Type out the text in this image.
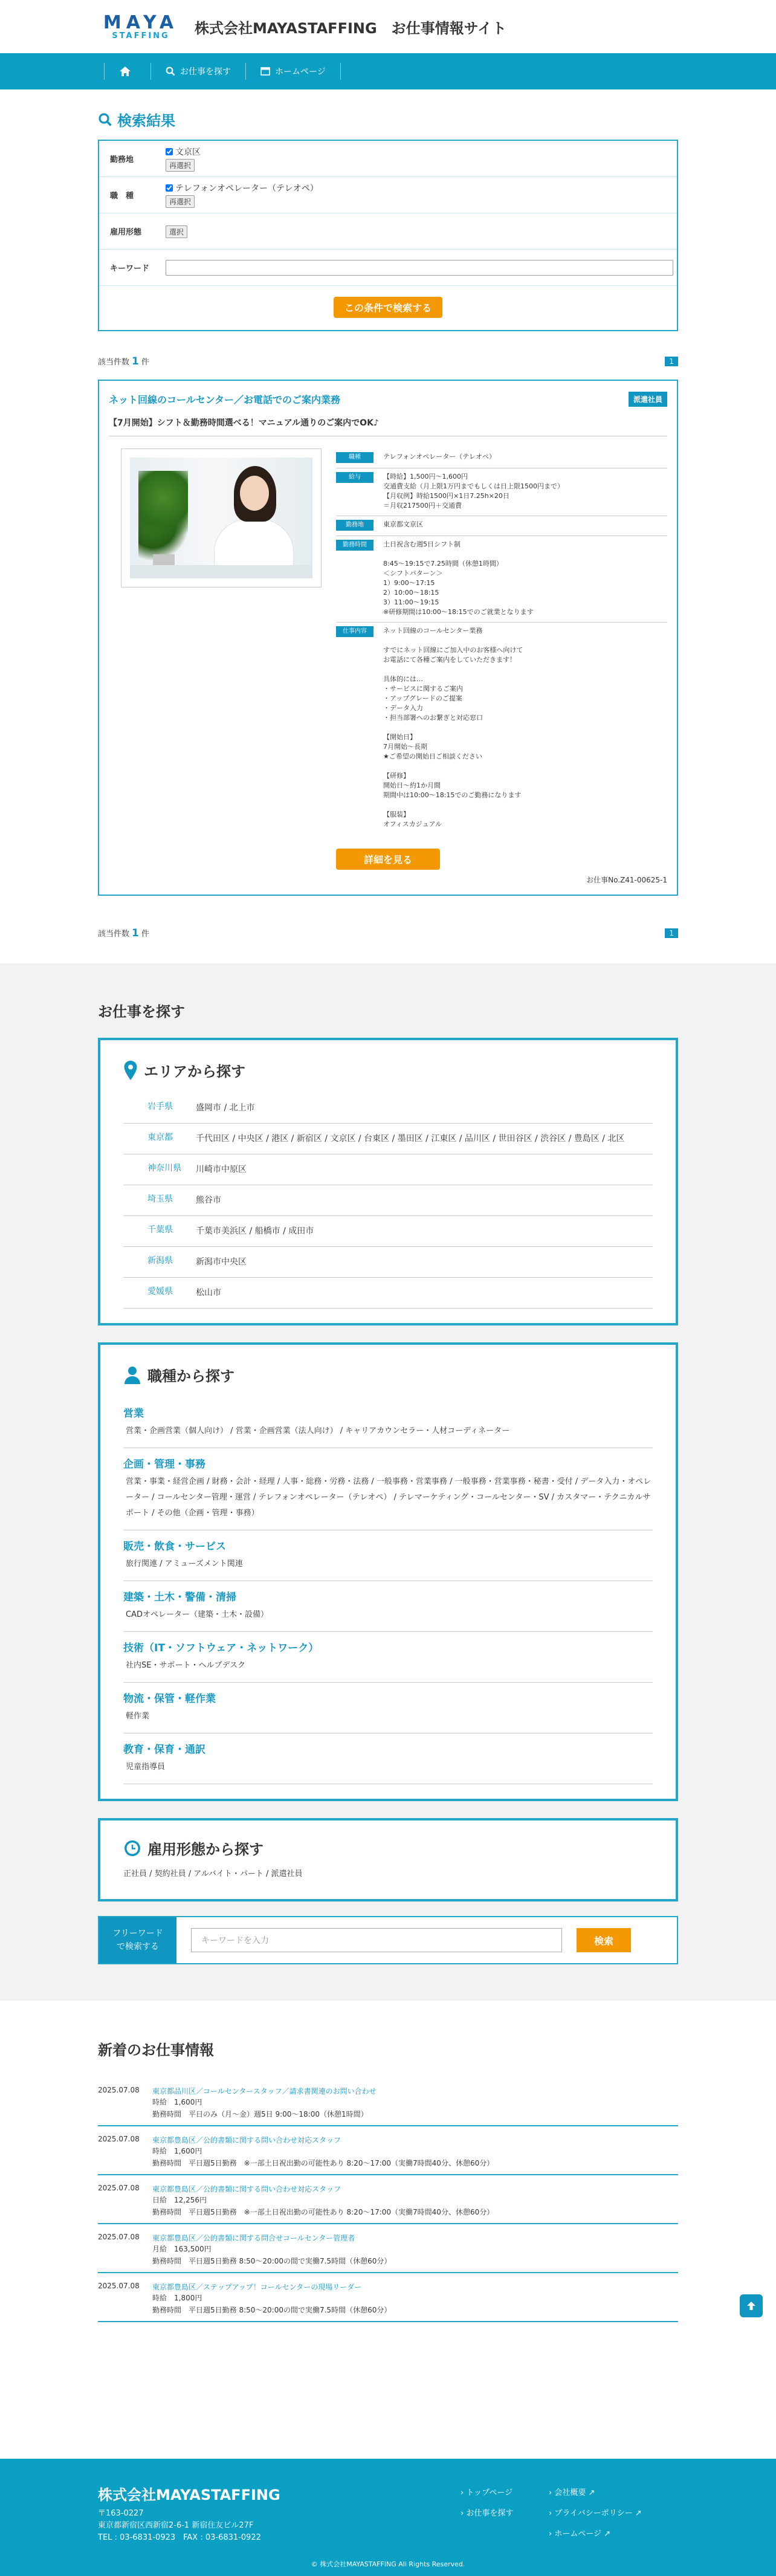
MAYA
STAFFING 株式会社MAYASTAFFING　お仕事情報サイト
お仕事を探す	ホームページ
検索結果
勤務地
文京区
再選択
職　種
テレフォンオペレーター（テレオペ）
再選択
雇用形態	選択
キーワード
この条件で検索する
該当件数 1 件	1
ネット回線のコールセンター／お電話でのご案内業務	派遣社員
【7月開始】シフト＆勤務時間選べる！マニュアル通りのご案内でOK♪
職種	テレフォンオペレーター（テレオペ）
給与	【時給】1,500円～1,600円
交通費支給（月上限1万円までもしくは日上限1500円まで）
【月収例】時給1500円×1日7.25h×20日
＝月収217500円＋交通費
勤務地	東京都文京区
勤務時間	土日祝含む週5日シフト制

8:45～19:15で7.25時間（休憩1時間）
＜シフトパターン＞
1）9:00～17:15
2）10:00～18:15
3）11:00～19:15
※研修期間は10:00～18:15でのご就業となります
仕事内容	ネット回線のコールセンター業務

すでにネット回線にご加入中のお客様へ向けて
お電話にて各種ご案内をしていただきます！

具体的には…
・サービスに関するご案内
・アップグレードのご提案
・データ入力
・担当部署へのお繋ぎと対応窓口

【開始日】
7月開始～長期
★ご希望の開始日ご相談ください

【研修】
開始日～約1か月間
期間中は10:00～18:15でのご勤務になります

【服装】
オフィスカジュアル
詳細を見る
お仕事No.Z41-00625-1
該当件数 1 件	1
お仕事を探す
エリアから探す
岩手県	盛岡市 / 北上市
東京都	千代田区 / 中央区 / 港区 / 新宿区 / 文京区 / 台東区 / 墨田区 / 江東区 / 品川区 / 世田谷区 / 渋谷区 / 豊島区 / 北区
神奈川県	川崎市中原区
埼玉県	熊谷市
千葉県	千葉市美浜区 / 船橋市 / 成田市
新潟県	新潟市中央区
愛媛県	松山市
職種から探す
営業
営業・企画営業（個人向け） / 営業・企画営業（法人向け） / キャリアカウンセラー・人材コーディネーター
企画・管理・事務
営業・事業・経営企画 / 財務・会計・経理 / 人事・総務・労務・法務 / 一般事務・営業事務 / 一般事務・営業事務・秘書・受付 / データ入力・オペレーター / コールセンター管理・運営 / テレフォンオペレーター（テレオペ） / テレマーケティング・コールセンター・SV / カスタマー・テクニカルサポート / その他（企画・管理・事務）
販売・飲食・サービス
旅行関連 / アミューズメント関連
建築・土木・警備・清掃
CADオペレーター（建築・土木・設備）
技術（IT・ソフトウェア・ネットワーク）
社内SE・サポート・ヘルプデスク
物流・保管・軽作業
軽作業
教育・保育・通訳
児童指導員
雇用形態から探す
正社員 / 契約社員 / アルバイト・パート / 派遣社員
フリーワード
で検索する
キーワードを入力	検索
新着のお仕事情報
2025.07.08	東京都品川区／コールセンタースタッフ／請求書関連のお問い合わせ
時給　1,600円
勤務時間　平日のみ（月～金）週5日 9:00～18:00（休憩1時間）
2025.07.08	東京都豊島区／公的書類に関する問い合わせ対応スタッフ
時給　1,600円
勤務時間　平日週5日勤務　※一部土日祝出勤の可能性あり 8:20～17:00（実働7時間40分、休憩60分）
2025.07.08	東京都豊島区／公的書類に関する問い合わせ対応スタッフ
日給　12,256円
勤務時間　平日週5日勤務　※一部土日祝出勤の可能性あり 8:20～17:00（実働7時間40分、休憩60分）
2025.07.08	東京都豊島区／公的書類に関する問合せコールセンター管理者
月給　163,500円
勤務時間　平日週5日勤務 8:50～20:00の間で実働7.5時間（休憩60分）
2025.07.08	東京都豊島区／ステップアップ！コールセンターの現場リーダー
時給　1,800円
勤務時間　平日週5日勤務 8:50～20:00の間で実働7.5時間（休憩60分）
株式会社MAYASTAFFING
〒163-0227
東京都新宿区西新宿2-6-1 新宿住友ビル27F
TEL : 03-6831-0923　FAX : 03-6831-0922
› トップページ
› お仕事を探す
› 会社概要 ↗
› プライバシーポリシー ↗
› ホームページ ↗
© 株式会社MAYASTAFFING All Rights Reserved.
